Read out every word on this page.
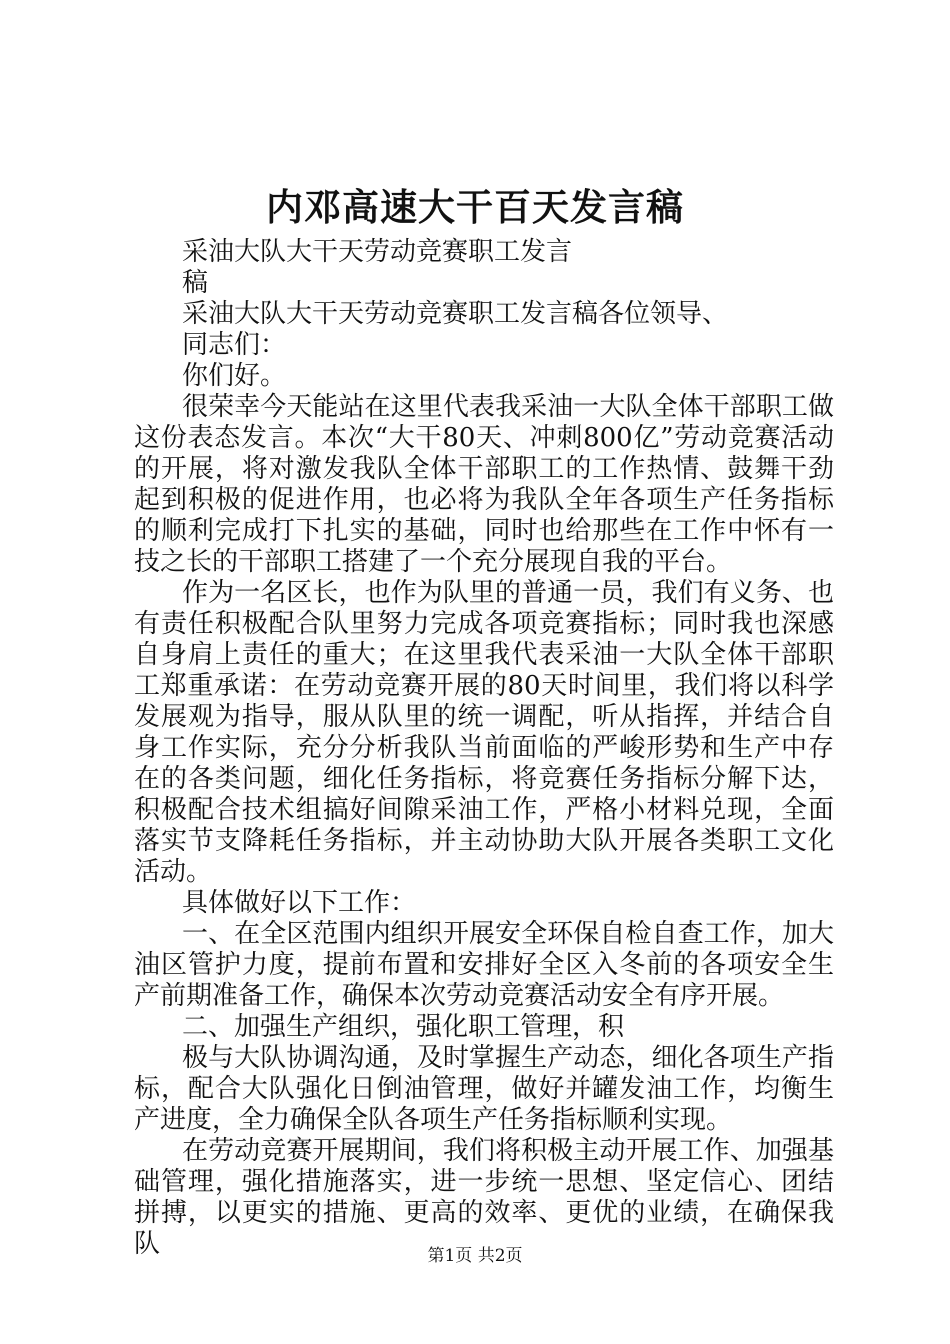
内邓高速大干百天发言稿

采油大队大干天劳动竞赛职工发言

稿

采油大队大干天劳动竞赛职工发言稿各位领导、

同志们：

你们好。

很荣幸今天能站在这里代表我采油一大队全体干部职工做这份表态发言。本次“大干80天、冲刺800亿”劳动竞赛活动的开展，将对激发我队全体干部职工的工作热情、鼓舞干劲起到积极的促进作用，也必将为我队全年各项生产任务指标的顺利完成打下扎实的基础，同时也给那些在工作中怀有一技之长的干部职工搭建了一个充分展现自我的平台。

作为一名区长，也作为队里的普通一员，我们有义务、也有责任积极配合队里努力完成各项竞赛指标；同时我也深感自身肩上责任的重大；在这里我代表采油一大队全体干部职工郑重承诺：在劳动竞赛开展的80天时间里，我们将以科学发展观为指导，服从队里的统一调配，听从指挥，并结合自身工作实际，充分分析我队当前面临的严峻形势和生产中存在的各类问题，细化任务指标，将竞赛任务指标分解下达，积极配合技术组搞好间隙采油工作，严格小材料兑现，全面落实节支降耗任务指标，并主动协助大队开展各类职工文化活动。

具体做好以下工作：

一、在全区范围内组织开展安全环保自检自查工作，加大油区管护力度，提前布置和安排好全区入冬前的各项安全生产前期准备工作，确保本次劳动竞赛活动安全有序开展。

二、加强生产组织，强化职工管理，积

极与大队协调沟通，及时掌握生产动态，细化各项生产指标，配合大队强化日倒油管理，做好并罐发油工作，均衡生产进度，全力确保全队各项生产任务指标顺利实现。

在劳动竞赛开展期间，我们将积极主动开展工作、加强基础管理，强化措施落实，进一步统一思想、坚定信心、团结拼搏，以更实的措施、更高的效率、更优的业绩，在确保我队	第1页 共2页
